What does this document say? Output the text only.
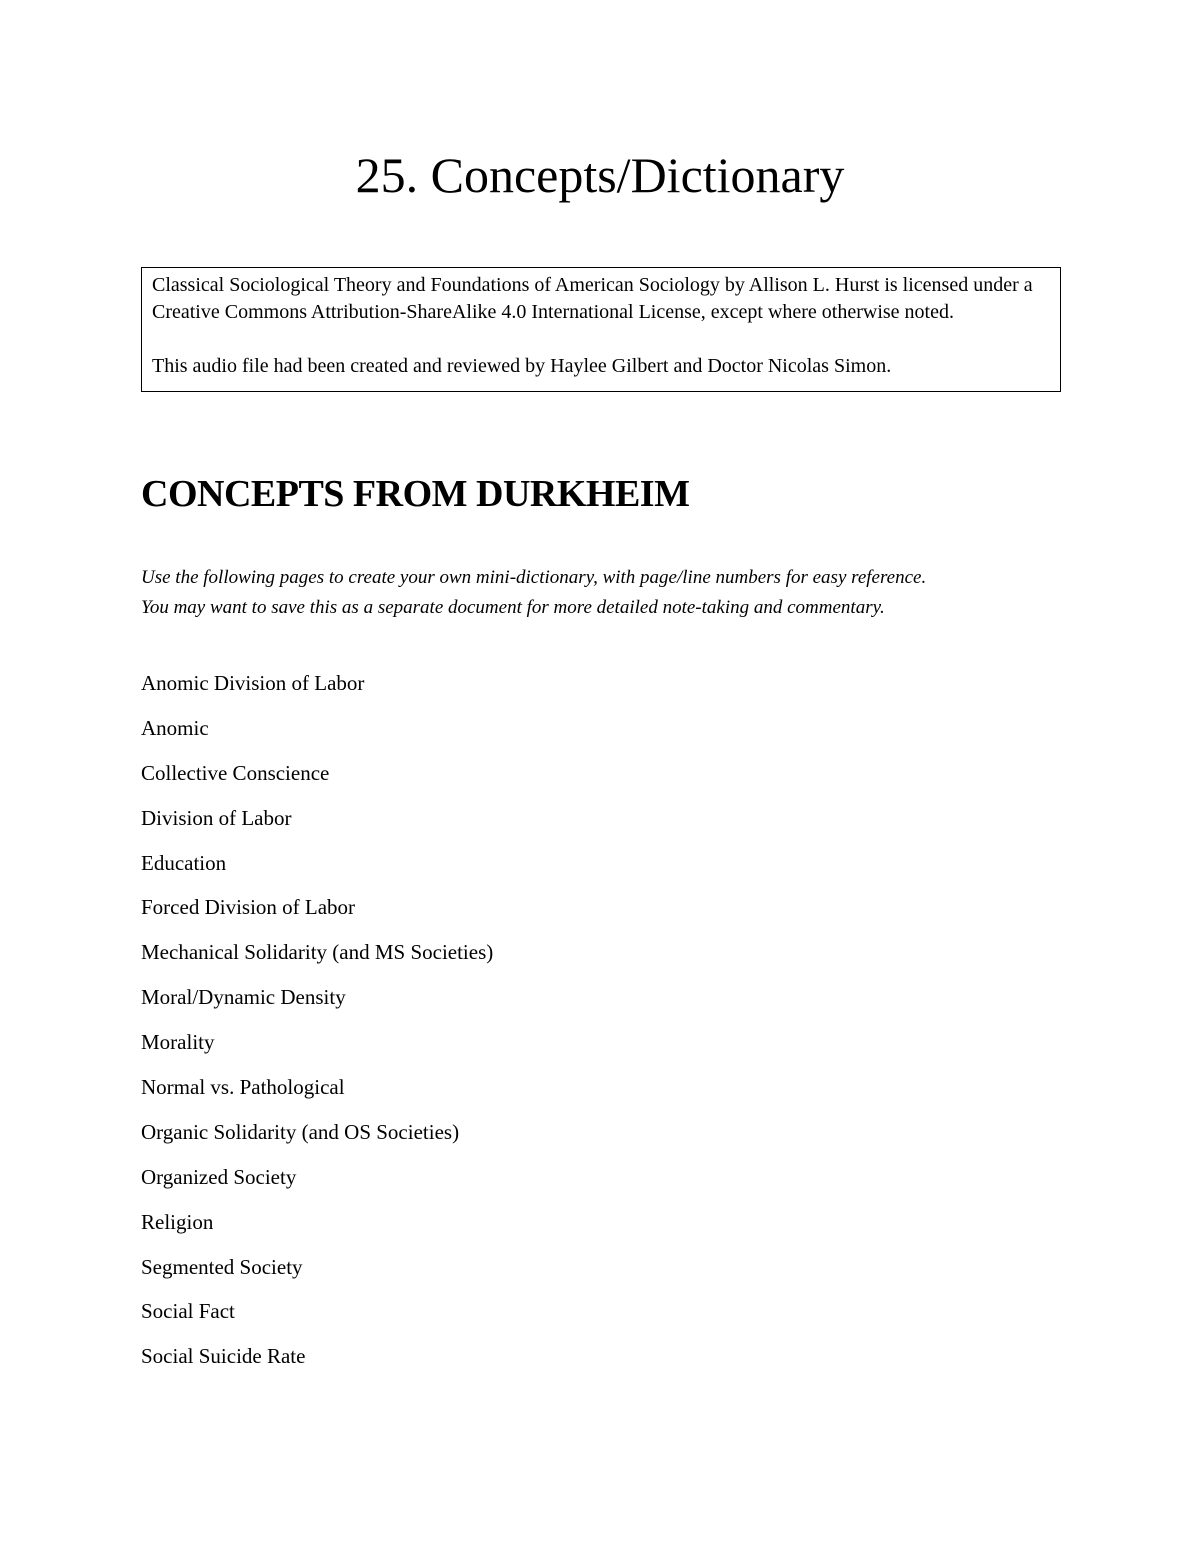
25. Concepts/Dictionary

Classical Sociological Theory and Foundations of American Sociology by Allison L. Hurst is licensed under a Creative Commons Attribution-ShareAlike 4.0 International License, except where otherwise noted.

This audio file had been created and reviewed by Haylee Gilbert and Doctor Nicolas Simon.

CONCEPTS FROM DURKHEIM

Use the following pages to create your own mini-dictionary, with page/line numbers for easy reference.

You may want to save this as a separate document for more detailed note-taking and commentary.

Anomic Division of Labor
Anomic
Collective Conscience
Division of Labor
Education
Forced Division of Labor
Mechanical Solidarity (and MS Societies)
Moral/Dynamic Density
Morality
Normal vs. Pathological
Organic Solidarity (and OS Societies)
Organized Society
Religion
Segmented Society
Social Fact
Social Suicide Rate
